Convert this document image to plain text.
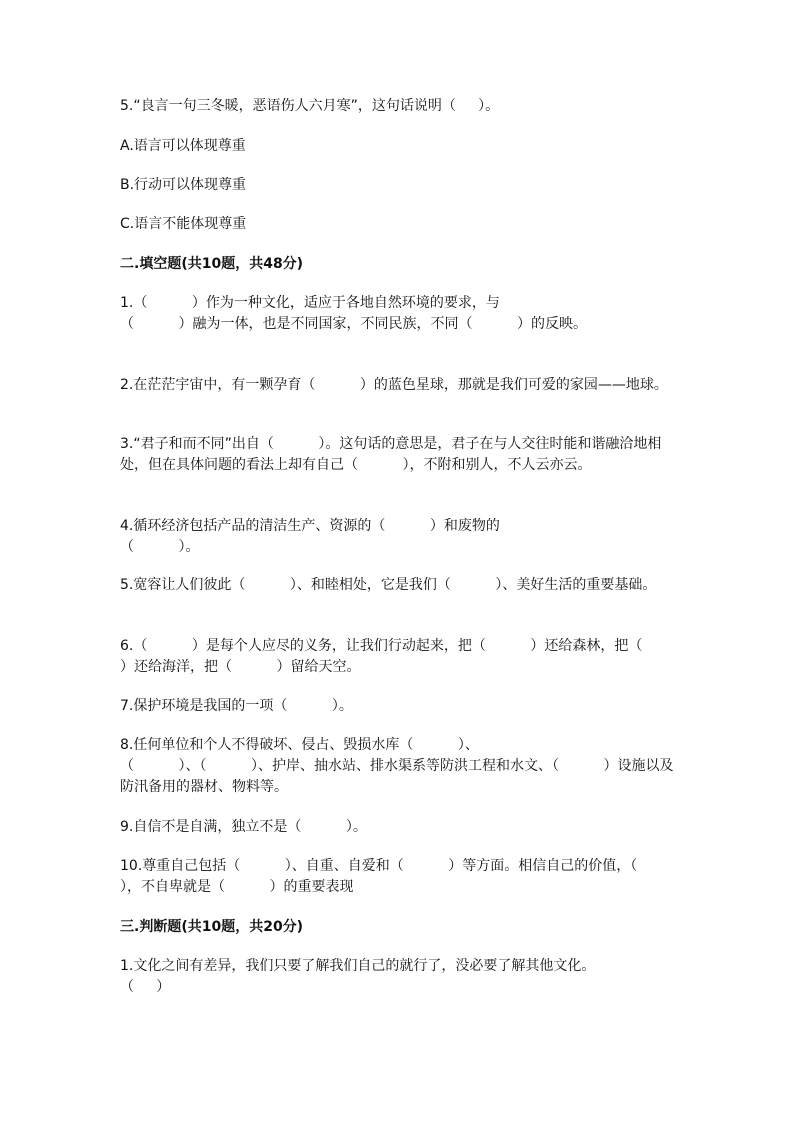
5.“良言一句三冬暖，恶语伤人六月寒”，这句话说明（     ）。
A.语言可以体现尊重
B.行动可以体现尊重
C.语言不能体现尊重
二.填空题(共10题，共48分)
1.（          ）作为一种文化，适应于各地自然环境的要求，与
（          ）融为一体，也是不同国家，不同民族，不同（          ）的反映。
2.在茫茫宇宙中，有一颗孕育（          ）的蓝色星球，那就是我们可爱的家园——地球。
3.“君子和而不同”出自（          ）。这句话的意思是，君子在与人交往时能和谐融洽地相处，但在具体问题的看法上却有自己（          ），不附和别人，不人云亦云。
4.循环经济包括产品的清洁生产、资源的（          ）和废物的
（          ）。
5.宽容让人们彼此（          ）、和睦相处，它是我们（          ）、美好生活的重要基础。
6.（          ）是每个人应尽的义务，让我们行动起来，把（          ）还给森林，把（          ）还给海洋，把（          ）留给天空。
7.保护环境是我国的一项（          ）。
8.任何单位和个人不得破坏、侵占、毁损水库（          ）、
（          ）、（          ）、护岸、抽水站、排水渠系等防洪工程和水文、（          ）设施以及防汛备用的器材、物料等。
9.自信不是自满，独立不是（          ）。
10.尊重自己包括（          ）、自重、自爱和（          ）等方面。相信自己的价值，（          ），不自卑就是（          ）的重要表现
三.判断题(共10题，共20分)
1.文化之间有差异，我们只要了解我们自己的就行了，没必要了解其他文化。
（     ）
